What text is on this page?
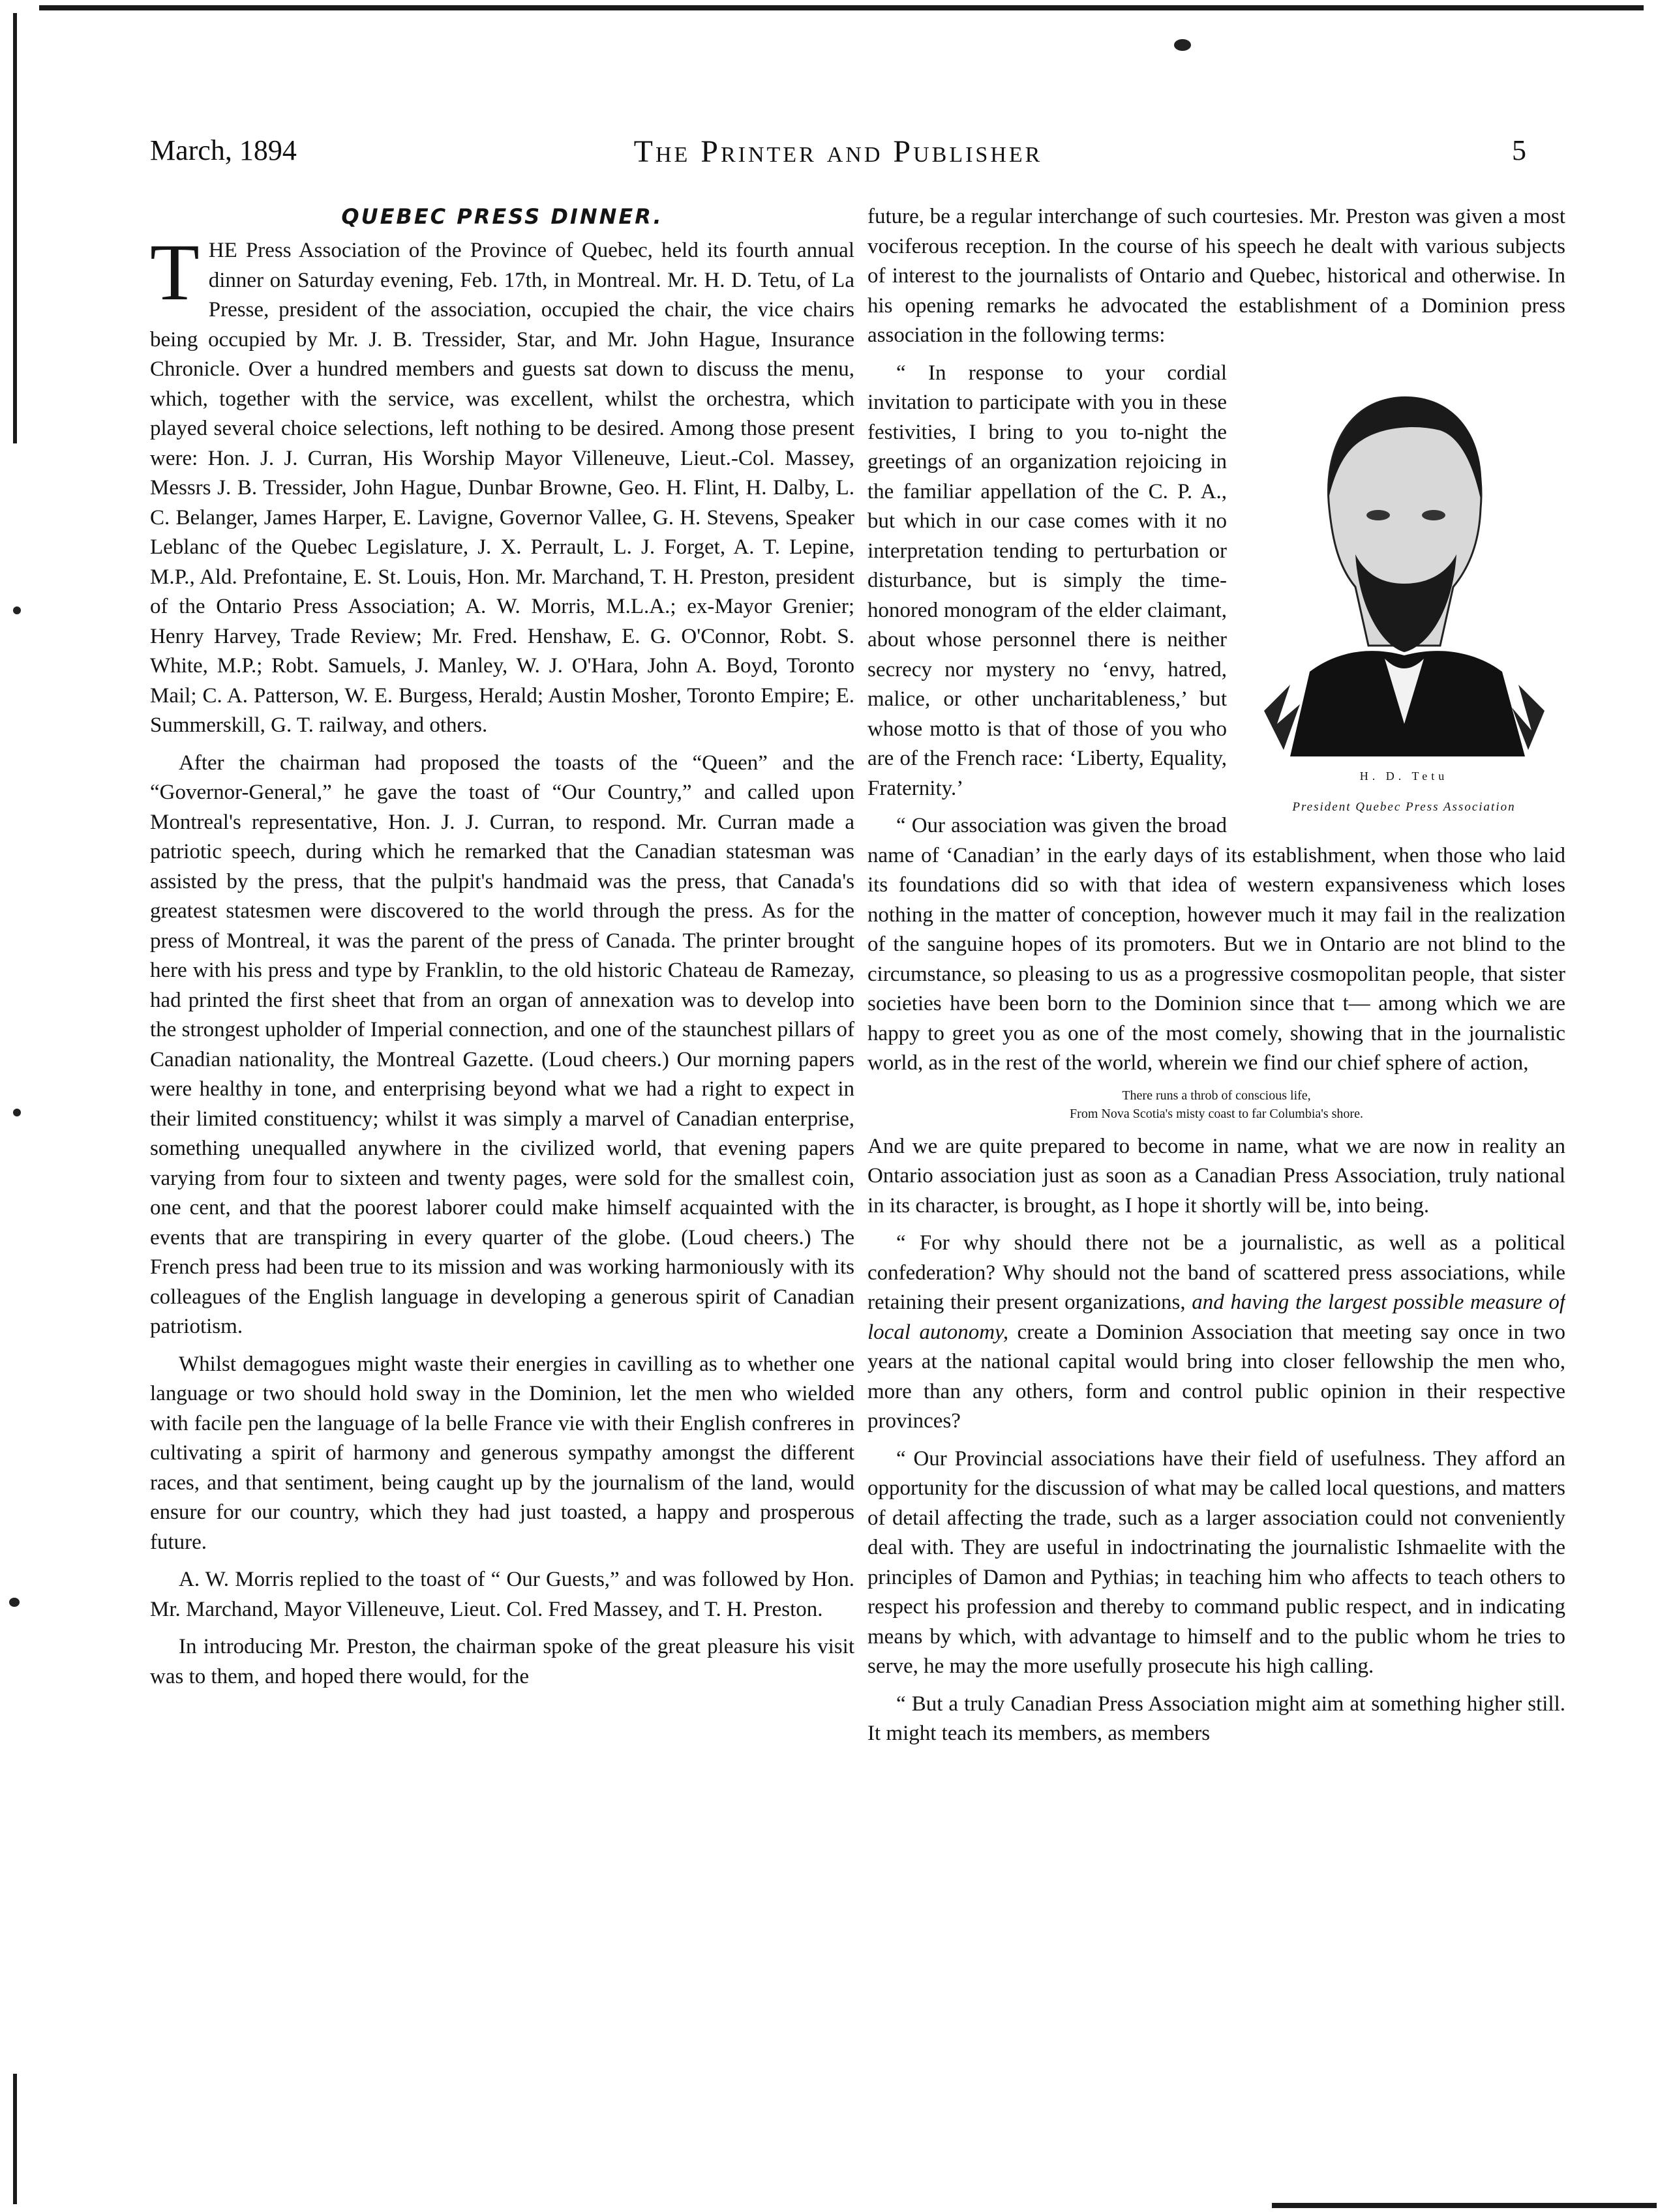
March, 1894	The Printer and Publisher	5
QUEBEC PRESS DINNER.

THE Press Association of the Province of Quebec, held its fourth annual dinner on Saturday evening, Feb. 17th, in Montreal. Mr. H. D. Tetu, of La Presse, president of the association, occupied the chair, the vice chairs being occupied by Mr. J. B. Tressider, Star, and Mr. John Hague, Insurance Chronicle. Over a hundred members and guests sat down to discuss the menu, which, together with the service, was excellent, whilst the orchestra, which played several choice selections, left nothing to be desired. Among those present were: Hon. J. J. Curran, His Worship Mayor Villeneuve, Lieut.-Col. Massey, Messrs J. B. Tressider, John Hague, Dunbar Browne, Geo. H. Flint, H. Dalby, L. C. Belanger, James Harper, E. Lavigne, Governor Vallee, G. H. Stevens, Speaker Leblanc of the Quebec Legislature, J. X. Perrault, L. J. Forget, A. T. Lepine, M.P., Ald. Prefontaine, E. St. Louis, Hon. Mr. Marchand, T. H. Preston, president of the Ontario Press Association; A. W. Morris, M.L.A.; ex-Mayor Grenier; Henry Harvey, Trade Review; Mr. Fred. Henshaw, E. G. O'Connor, Robt. S. White, M.P.; Robt. Samuels, J. Manley, W. J. O'Hara, John A. Boyd, Toronto Mail; C. A. Patterson, W. E. Burgess, Herald; Austin Mosher, Toronto Empire; E. Summerskill, G. T. railway, and others.

After the chairman had proposed the toasts of the “Queen” and the “Governor-General,” he gave the toast of “Our Country,” and called upon Montreal's representative, Hon. J. J. Curran, to respond. Mr. Curran made a patriotic speech, during which he remarked that the Canadian statesman was assisted by the press, that the pulpit's handmaid was the press, that Canada's greatest statesmen were discovered to the world through the press. As for the press of Montreal, it was the parent of the press of Canada. The printer brought here with his press and type by Franklin, to the old historic Chateau de Ramezay, had printed the first sheet that from an organ of annexation was to develop into the strongest upholder of Imperial connection, and one of the staunchest pillars of Canadian nationality, the Montreal Gazette. (Loud cheers.) Our morning papers were healthy in tone, and enterprising beyond what we had a right to expect in their limited constituency; whilst it was simply a marvel of Canadian enterprise, something unequalled anywhere in the civilized world, that evening papers varying from four to sixteen and twenty pages, were sold for the smallest coin, one cent, and that the poorest laborer could make himself acquainted with the events that are transpiring in every quarter of the globe. (Loud cheers.) The French press had been true to its mission and was working harmoniously with its colleagues of the English language in developing a generous spirit of Canadian patriotism.

Whilst demagogues might waste their energies in cavilling as to whether one language or two should hold sway in the Dominion, let the men who wielded with facile pen the language of la belle France vie with their English confreres in cultivating a spirit of harmony and generous sympathy amongst the different races, and that sentiment, being caught up by the journalism of the land, would ensure for our country, which they had just toasted, a happy and prosperous future.

A. W. Morris replied to the toast of “ Our Guests,” and was followed by Hon. Mr. Marchand, Mayor Villeneuve, Lieut. Col. Fred Massey, and T. H. Preston.

In introducing Mr. Preston, the chairman spoke of the great pleasure his visit was to them, and hoped there would, for the

future, be a regular interchange of such courtesies. Mr. Preston was given a most vociferous reception. In the course of his speech he dealt with various subjects of interest to the journalists of Ontario and Quebec, historical and otherwise. In his opening remarks he advocated the establishment of a Dominion press association in the following terms:

H. D. Tetu
President Quebec Press Association

“ In response to your cordial invitation to participate with you in these festivities, I bring to you to-night the greetings of an organization rejoicing in the familiar appellation of the C. P. A., but which in our case comes with it no interpretation tending to perturbation or disturbance, but is simply the time-honored monogram of the elder claimant, about whose personnel there is neither secrecy nor mystery no ‘envy, hatred, malice, or other uncharitableness,’ but whose motto is that of those of you who are of the French race: ‘Liberty, Equality, Fraternity.’

“ Our association was given the broad name of ‘Canadian’ in the early days of its establishment, when those who laid its foundations did so with that idea of western expansiveness which loses nothing in the matter of conception, however much it may fail in the realization of the sanguine hopes of its promoters. But we in Ontario are not blind to the circumstance, so pleasing to us as a progressive cosmopolitan people, that sister societies have been born to the Dominion since that t— among which we are happy to greet you as one of the most comely, showing that in the journalistic world, as in the rest of the world, wherein we find our chief sphere of action,

There runs a throb of conscious life,
From Nova Scotia's misty coast to far Columbia's shore.

And we are quite prepared to become in name, what we are now in reality an Ontario association just as soon as a Canadian Press Association, truly national in its character, is brought, as I hope it shortly will be, into being.

“ For why should there not be a journalistic, as well as a political confederation? Why should not the band of scattered press associations, while retaining their present organizations, and having the largest possible measure of local autonomy, create a Dominion Association that meeting say once in two years at the national capital would bring into closer fellowship the men who, more than any others, form and control public opinion in their respective provinces?

“ Our Provincial associations have their field of usefulness. They afford an opportunity for the discussion of what may be called local questions, and matters of detail affecting the trade, such as a larger association could not conveniently deal with. They are useful in indoctrinating the journalistic Ishmaelite with the principles of Damon and Pythias; in teaching him who affects to teach others to respect his profession and thereby to command public respect, and in indicating means by which, with advantage to himself and to the public whom he tries to serve, he may the more usefully prosecute his high calling.

“ But a truly Canadian Press Association might aim at something higher still. It might teach its members, as members
